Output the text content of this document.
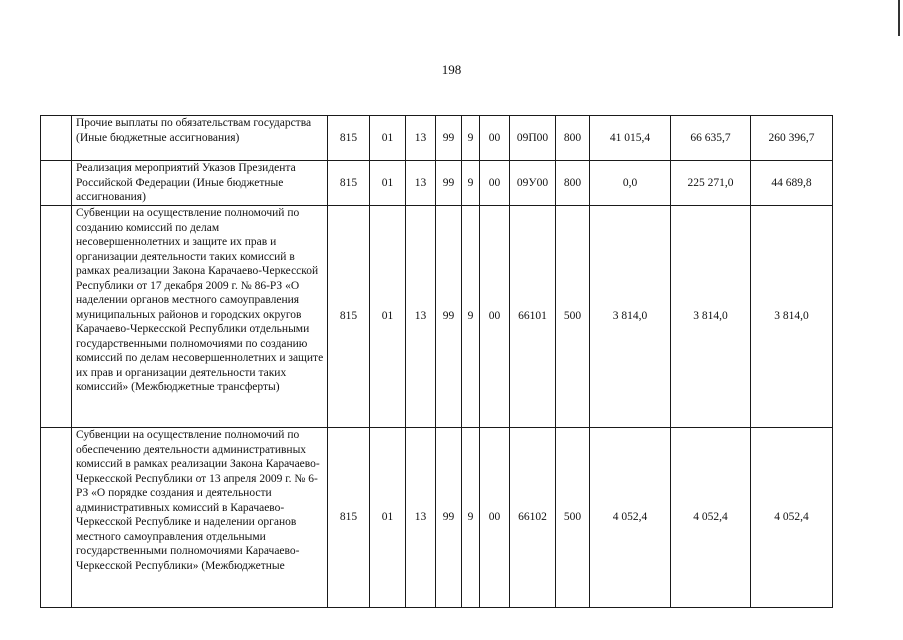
198
	Прочие выплаты по обязательствам государства (Иные бюджетные ассигнования)	815	01	13	99	9	00	09П00	800	41 015,4	66 635,7	260 396,7
	Реализация мероприятий Указов Президента Российской Федерации (Иные бюджетные ассигнования)	815	01	13	99	9	00	09У00	800	0,0	225 271,0	44 689,8
	Субвенции на осуществление полномочий по созданию комиссий по делам несовершеннолетних и защите их прав и организации деятельности таких комиссий в рамках реализации Закона Карачаево-Черкесской Республики от 17 декабря 2009 г. № 86-РЗ «О наделении органов местного самоуправления муниципальных районов и городских округов Карачаево-Черкесской Республики отдельными государственными полномочиями по созданию комиссий по делам несовершеннолетних и защите их прав и организации деятельности таких комиссий» (Межбюджетные трансферты)	815	01	13	99	9	00	66101	500	3 814,0	3 814,0	3 814,0
	Субвенции на осуществление полномочий по обеспечению деятельности административных комиссий в рамках реализации Закона Карачаево-Черкесской Республики от 13 апреля 2009 г. № 6-РЗ «О порядке создания и деятельности административных комиссий в Карачаево-Черкесской Республике и наделении органов местного самоуправления отдельными государственными полномочиями Карачаево-Черкесской Республики» (Межбюджетные	815	01	13	99	9	00	66102	500	4 052,4	4 052,4	4 052,4
